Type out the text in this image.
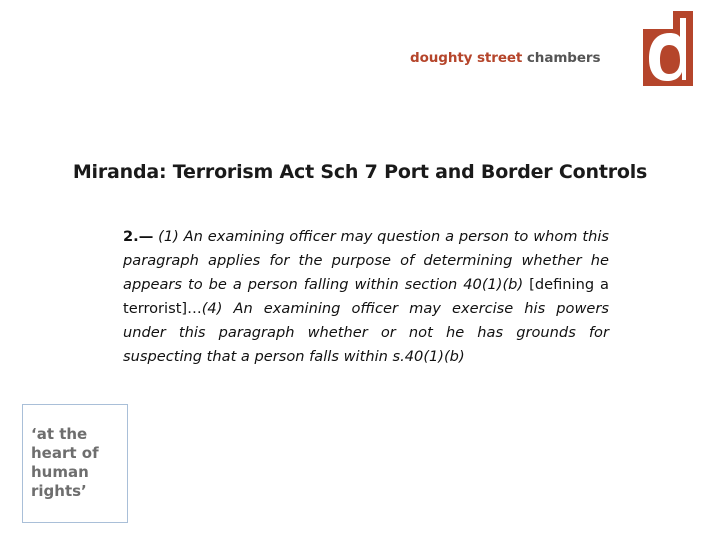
doughty street chambers
Miranda: Terrorism Act Sch 7 Port and Border Controls
2.— (1) An examining officer may question a person to whom this paragraph applies for the purpose of determining whether he appears to be a person falling within section 40(1)(b) [defining a terrorist]…(4) An examining officer may exercise his powers under this paragraph whether or not he has grounds for suspecting that a person falls within s.40(1)(b)
‘at the
heart of
human
rights’
